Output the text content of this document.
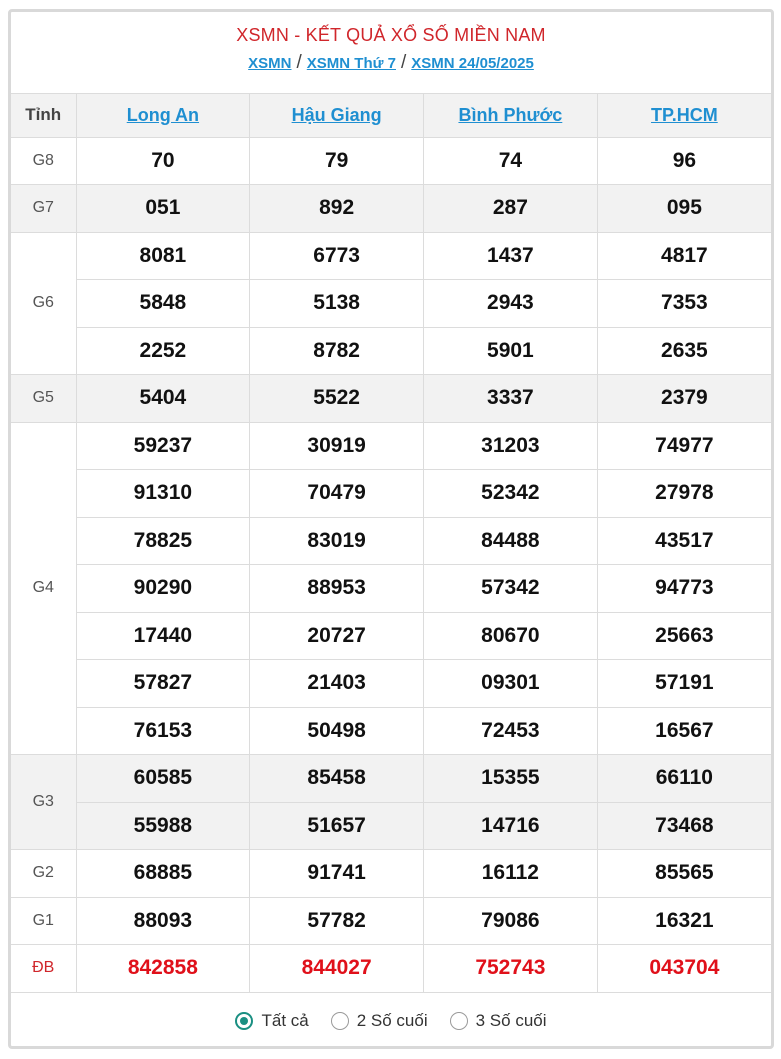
XSMN - KẾT QUẢ XỔ SỐ MIỀN NAM
XSMN / XSMN Thứ 7 / XSMN 24/05/2025
Tỉnh	Long An	Hậu Giang	Bình Phước	TP.HCM
G8	70	79	74	96
G7	051	892	287	095
G6	8081	6773	1437	4817
	5848	5138	2943	7353
	2252	8782	5901	2635
G5	5404	5522	3337	2379
G4	59237	30919	31203	74977
	91310	70479	52342	27978
	78825	83019	84488	43517
	90290	88953	57342	94773
	17440	20727	80670	25663
	57827	21403	09301	57191
	76153	50498	72453	16567
G3	60585	85458	15355	66110
	55988	51657	14716	73468
G2	68885	91741	16112	85565
G1	88093	57782	79086	16321
ĐB	842858	844027	752743	043704
Tất cả	2 Số cuối	3 Số cuối
